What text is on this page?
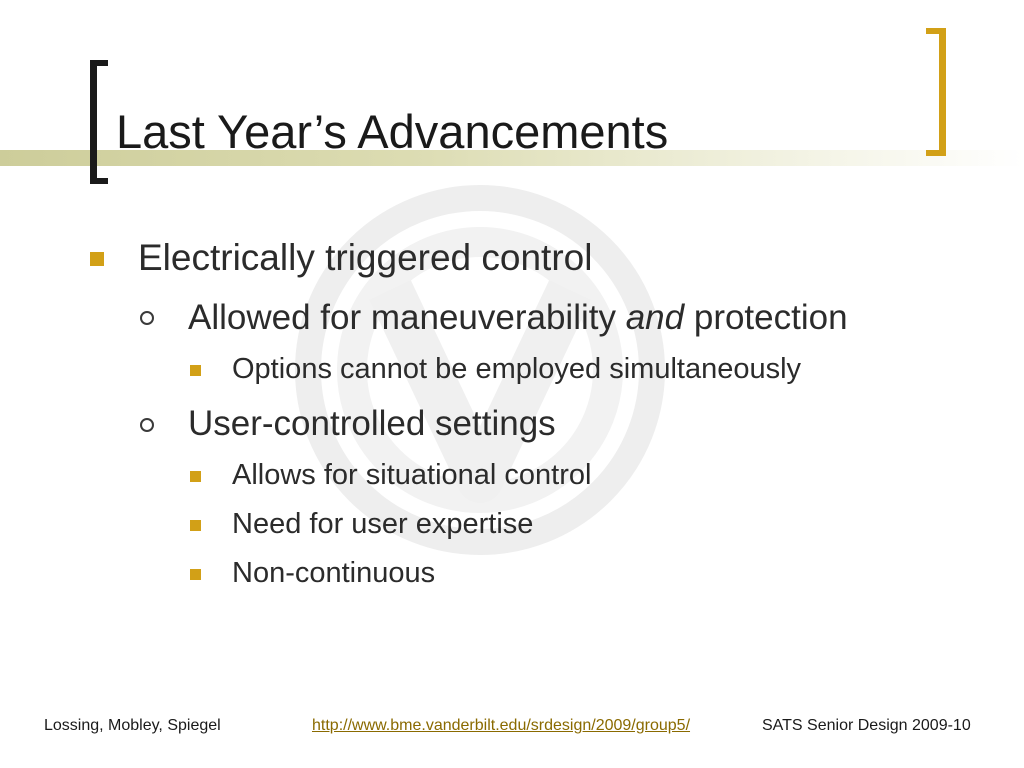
Last Year’s Advancements
Electrically triggered control
Allowed for maneuverability and protection
Options cannot be employed simultaneously
User-controlled settings
Allows for situational control
Need for user expertise
Non-continuous
Lossing, Mobley, Spiegel	http://www.bme.vanderbilt.edu/srdesign/2009/group5/	SATS Senior Design 2009-10
